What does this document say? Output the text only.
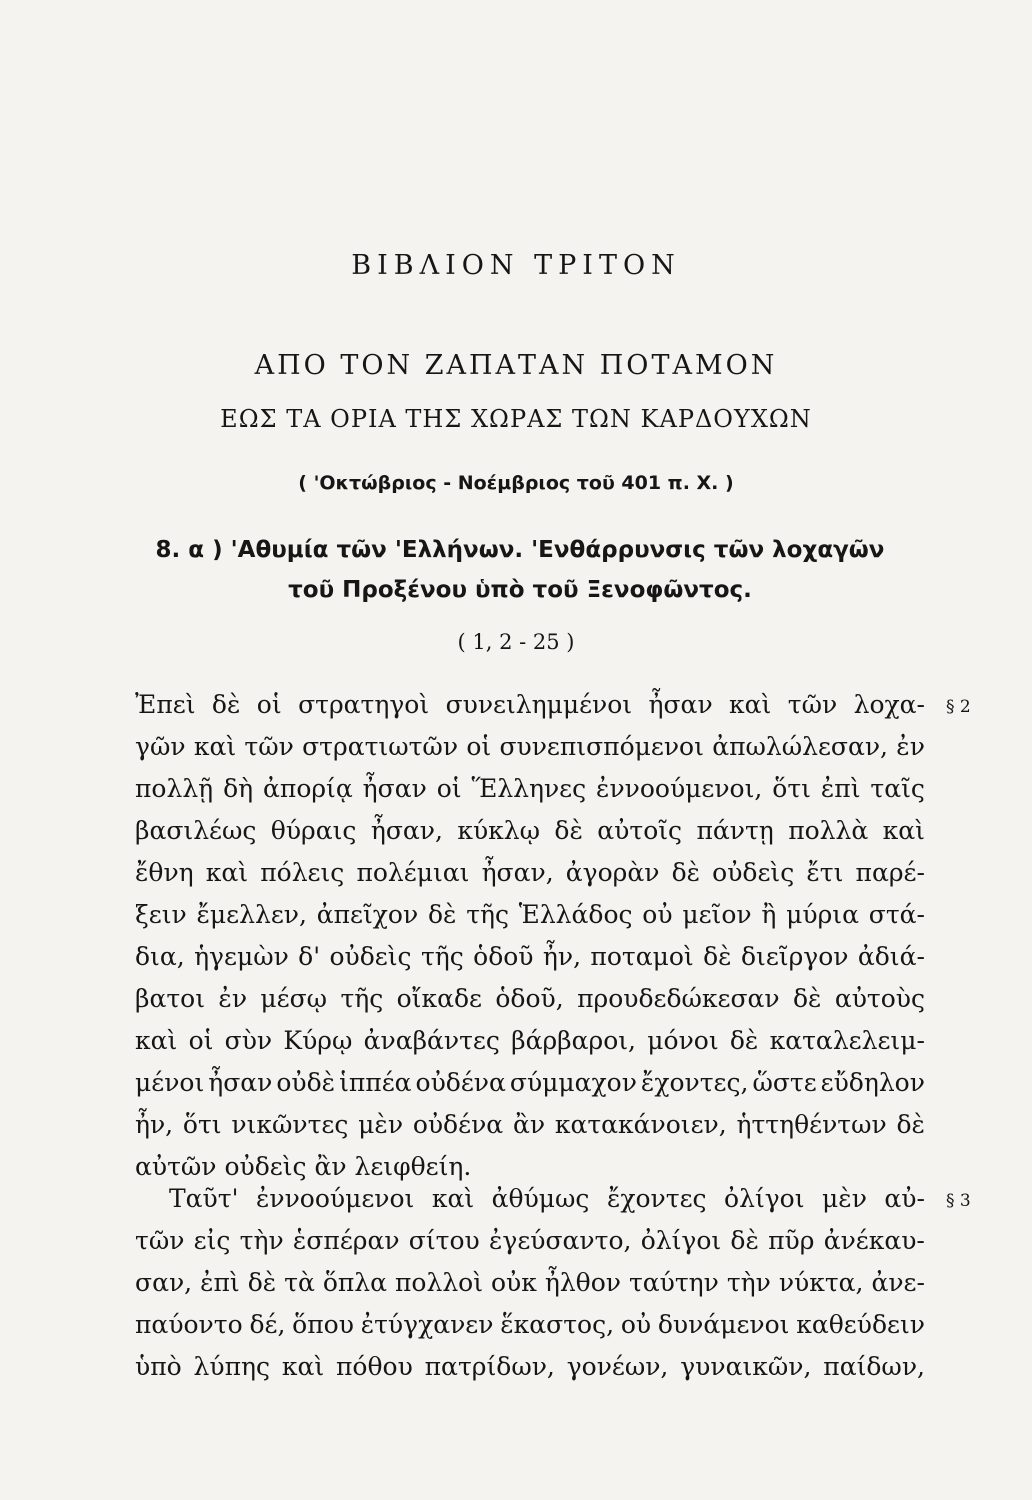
ΒΙΒΛΙΟΝ ΤΡΙΤΟΝ
ΑΠΟ ΤΟΝ ΖΑΠΑΤΑΝ ΠΟΤΑΜΟΝ
ΕΩΣ ΤΑ ΟΡΙΑ ΤΗΣ ΧΩΡΑΣ ΤΩΝ ΚΑΡΔΟΥΧΩΝ
( 'Οκτώβριος - Νοέμβριος τοῦ 401 π. Χ. )
8. α ) 'Αθυμία τῶν 'Ελλήνων. 'Ενθάρρυνσις τῶν λοχαγῶν
τοῦ Προξένου ὑπὸ τοῦ Ξενοφῶντος.
( 1, 2 - 25 )
Ἐπεὶ δὲ οἱ στρατηγοὶ συνειλημμένοι ἦσαν καὶ τῶν λοχα-
γῶν καὶ τῶν στρατιωτῶν οἱ συνεπισπόμενοι ἀπωλώλεσαν, ἐν
πολλῇ δὴ ἀπορίᾳ ἦσαν οἱ Ἕλληνες ἐννοούμενοι, ὅτι ἐπὶ ταῖς
βασιλέως θύραις ἦσαν, κύκλῳ δὲ αὐτοῖς πάντῃ πολλὰ καὶ
ἔθνη καὶ πόλεις πολέμιαι ἦσαν, ἀγορὰν δὲ οὐδεὶς ἔτι παρέ-
ξειν ἔμελλεν, ἀπεῖχον δὲ τῆς Ἑλλάδος οὐ μεῖον ἢ μύρια στά-
δια, ἡγεμὼν δ' οὐδεὶς τῆς ὁδοῦ ἦν, ποταμοὶ δὲ διεῖργον ἀδιά-
βατοι ἐν μέσῳ τῆς οἴκαδε ὁδοῦ, προυδεδώκεσαν δὲ αὐτοὺς
καὶ οἱ σὺν Κύρῳ ἀναβάντες βάρβαροι, μόνοι δὲ καταλελειμ-
μένοι ἦσαν οὐδὲ ἱππέα οὐδένα σύμμαχον ἔχοντες, ὥστε εὔδηλον
ἦν, ὅτι νικῶντες μὲν οὐδένα ἂν κατακάνοιεν, ἡττηθέντων δὲ
αὐτῶν οὐδεὶς ἂν λειφθείη.
§ 2
Ταῦτ' ἐννοούμενοι καὶ ἀθύμως ἔχοντες ὀλίγοι μὲν αὐ-
τῶν εἰς τὴν ἑσπέραν σίτου ἐγεύσαντο, ὀλίγοι δὲ πῦρ ἀνέκαυ-
σαν, ἐπὶ δὲ τὰ ὅπλα πολλοὶ οὐκ ἦλθον ταύτην τὴν νύκτα, ἀνε-
παύοντο δέ, ὅπου ἐτύγχανεν ἕκαστος, οὐ δυνάμενοι καθεύδειν
ὑπὸ λύπης καὶ πόθου πατρίδων, γονέων, γυναικῶν, παίδων,
§ 3
